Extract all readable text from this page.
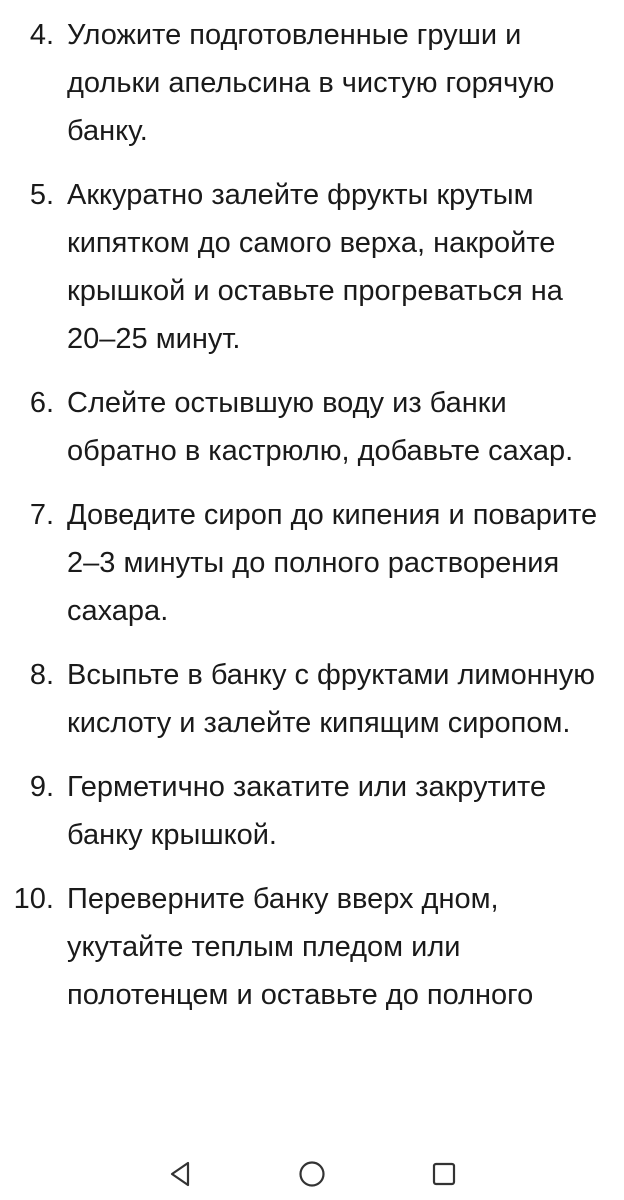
4. Уложите подготовленные груши и дольки апельсина в чистую горячую банку.
5. Аккуратно залейте фрукты крутым кипятком до самого верха, накройте крышкой и оставьте прогреваться на 20–25 минут.
6. Слейте остывшую воду из банки обратно в кастрюлю, добавьте сахар.
7. Доведите сироп до кипения и поварите 2–3 минуты до полного растворения сахара.
8. Всыпьте в банку с фруктами лимонную кислоту и залейте кипящим сиропом.
9. Герметично закатите или закрутите банку крышкой.
10. Переверните банку вверх дном, укутайте теплым пледом или полотенцем и оставьте до полного
